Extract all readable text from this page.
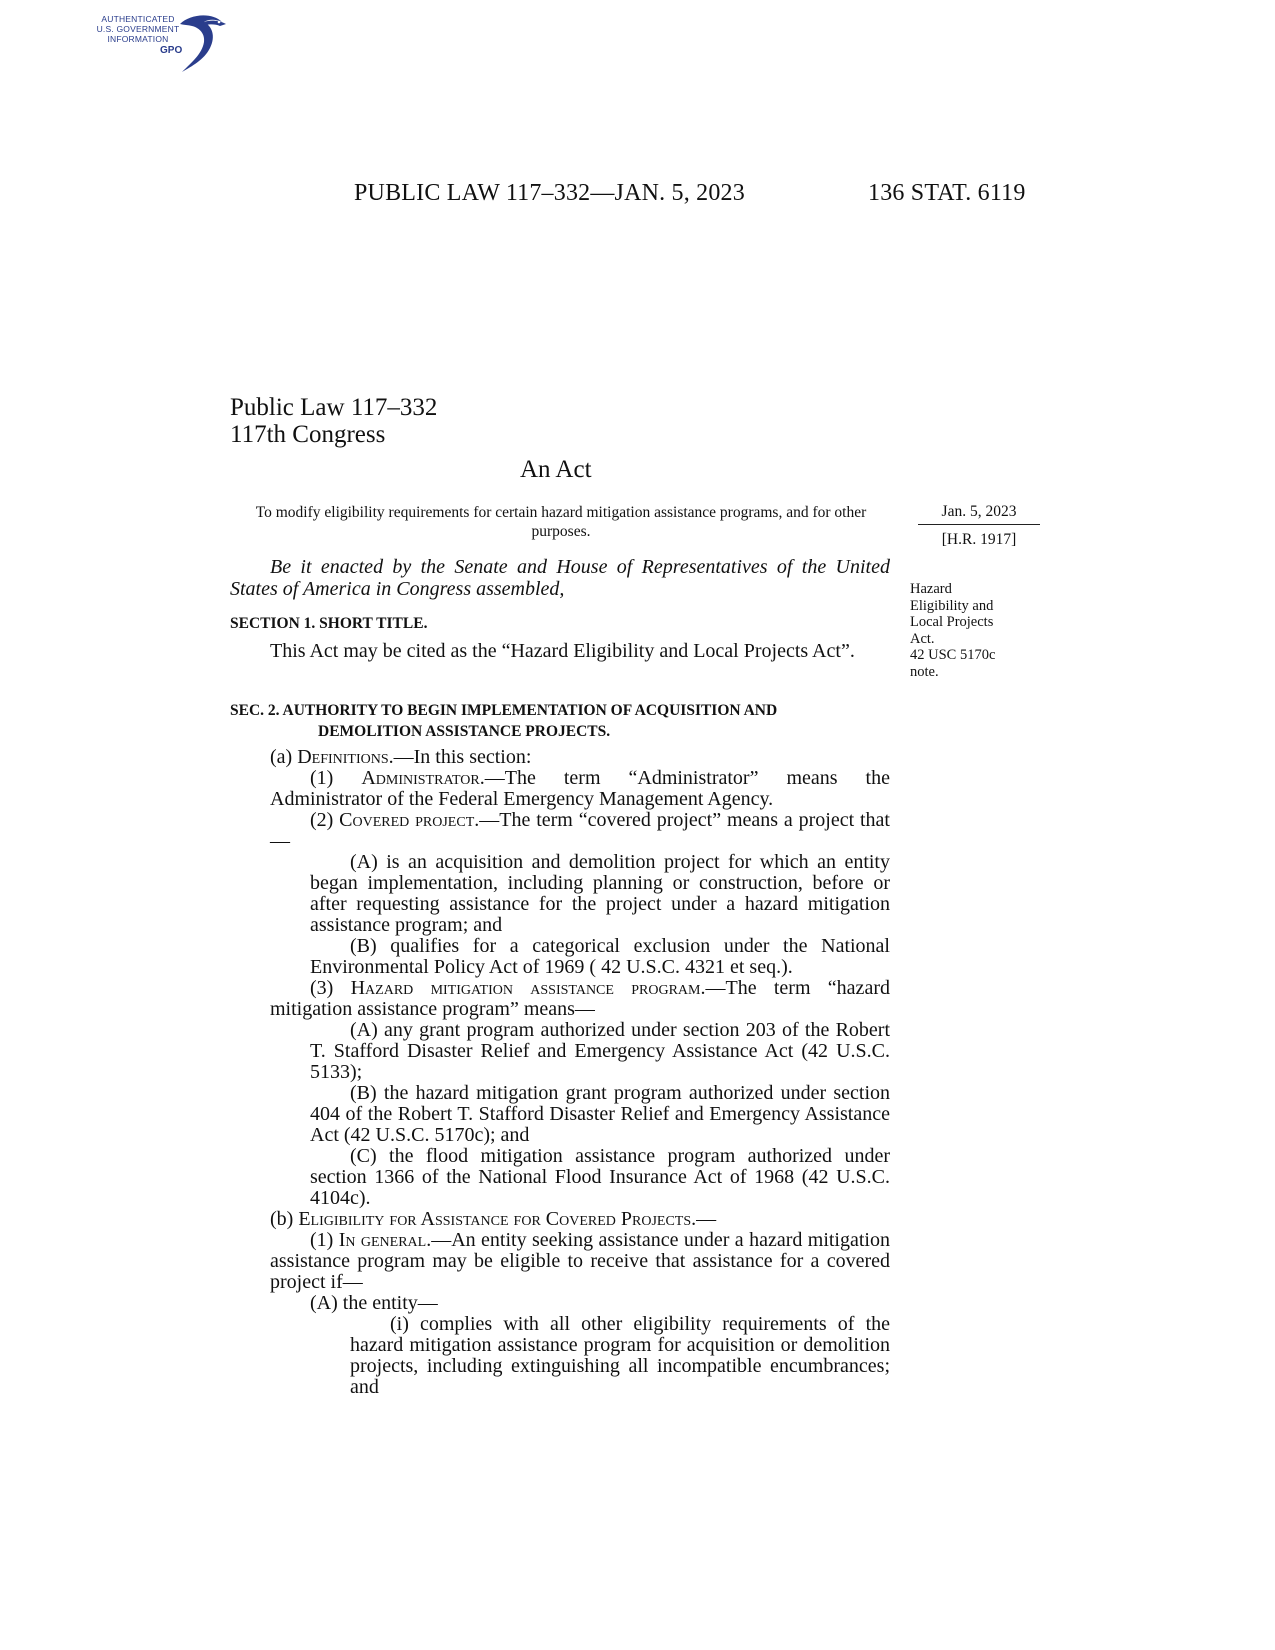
AUTHENTICATED
U.S. GOVERNMENT
INFORMATION
GPO
PUBLIC LAW 117–332—JAN. 5, 2023	136 STAT. 6119
Public Law 117–332
117th Congress
An Act
To modify eligibility requirements for certain hazard mitigation assistance programs, and for other purposes.
Jan. 5, 2023
[H.R. 1917]
Hazard
Eligibility and
Local Projects
Act.
42 USC 5170c
note.

Be it enacted by the Senate and House of Representatives of the United States of America in Congress assembled,

SECTION 1. SHORT TITLE.

This Act may be cited as the “Hazard Eligibility and Local Projects Act”.

SEC. 2. AUTHORITY TO BEGIN IMPLEMENTATION OF ACQUISITION AND
DEMOLITION ASSISTANCE PROJECTS.

(a) Definitions.—In this section:

(1) Administrator.—The term “Administrator” means the Administrator of the Federal Emergency Management Agency.

(2) Covered project.—The term “covered project” means a project that—

(A) is an acquisition and demolition project for which an entity began implementation, including planning or construction, before or after requesting assistance for the project under a hazard mitigation assistance program; and

(B) qualifies for a categorical exclusion under the National Environmental Policy Act of 1969 ( 42 U.S.C. 4321 et seq.).

(3) Hazard mitigation assistance program.—The term “hazard mitigation assistance program” means—

(A) any grant program authorized under section 203 of the Robert T. Stafford Disaster Relief and Emergency Assistance Act (42 U.S.C. 5133);

(B) the hazard mitigation grant program authorized under section 404 of the Robert T. Stafford Disaster Relief and Emergency Assistance Act (42 U.S.C. 5170c); and

(C) the flood mitigation assistance program authorized under section 1366 of the National Flood Insurance Act of 1968 (42 U.S.C. 4104c).

(b) Eligibility for Assistance for Covered Projects.—

(1) In general.—An entity seeking assistance under a hazard mitigation assistance program may be eligible to receive that assistance for a covered project if—

(A) the entity—

(i) complies with all other eligibility requirements of the hazard mitigation assistance program for acquisition or demolition projects, including extinguishing all incompatible encumbrances; and
